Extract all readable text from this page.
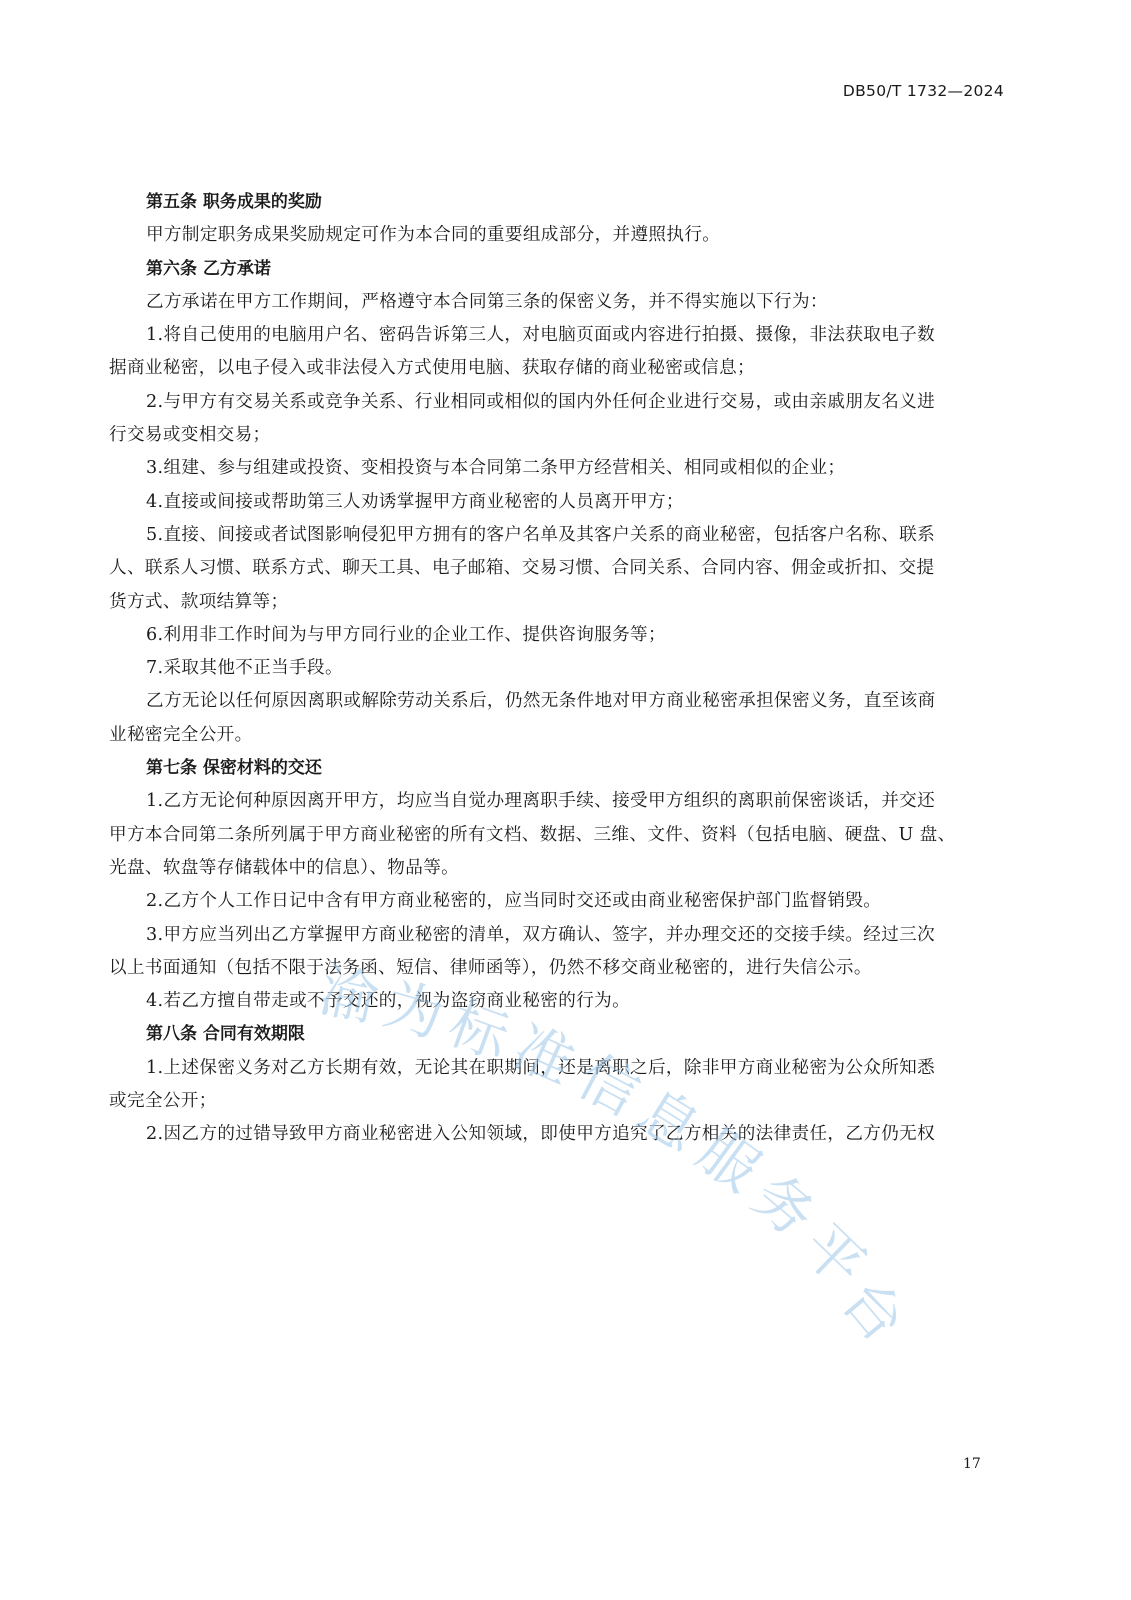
DB50/T 1732—2024
第五条 职务成果的奖励
甲方制定职务成果奖励规定可作为本合同的重要组成部分，并遵照执行。
第六条 乙方承诺
乙方承诺在甲方工作期间，严格遵守本合同第三条的保密义务，并不得实施以下行为：
1.将自己使用的电脑用户名、密码告诉第三人，对电脑页面或内容进行拍摄、摄像，非法获取电子数
据商业秘密，以电子侵入或非法侵入方式使用电脑、获取存储的商业秘密或信息；
2.与甲方有交易关系或竞争关系、行业相同或相似的国内外任何企业进行交易，或由亲戚朋友名义进
行交易或变相交易；
3.组建、参与组建或投资、变相投资与本合同第二条甲方经营相关、相同或相似的企业；
4.直接或间接或帮助第三人劝诱掌握甲方商业秘密的人员离开甲方；
5.直接、间接或者试图影响侵犯甲方拥有的客户名单及其客户关系的商业秘密，包括客户名称、联系
人、联系人习惯、联系方式、聊天工具、电子邮箱、交易习惯、合同关系、合同内容、佣金或折扣、交提
货方式、款项结算等；
6.利用非工作时间为与甲方同行业的企业工作、提供咨询服务等；
7.采取其他不正当手段。
乙方无论以任何原因离职或解除劳动关系后，仍然无条件地对甲方商业秘密承担保密义务，直至该商
业秘密完全公开。
第七条 保密材料的交还
1.乙方无论何种原因离开甲方，均应当自觉办理离职手续、接受甲方组织的离职前保密谈话，并交还
甲方本合同第二条所列属于甲方商业秘密的所有文档、数据、三维、文件、资料（包括电脑、硬盘、U 盘、
光盘、软盘等存储载体中的信息）、物品等。
2.乙方个人工作日记中含有甲方商业秘密的，应当同时交还或由商业秘密保护部门监督销毁。
3.甲方应当列出乙方掌握甲方商业秘密的清单，双方确认、签字，并办理交还的交接手续。经过三次
以上书面通知（包括不限于法务函、短信、律师函等），仍然不移交商业秘密的，进行失信公示。
4.若乙方擅自带走或不予交还的，视为盗窃商业秘密的行为。
第八条 合同有效期限
1.上述保密义务对乙方长期有效，无论其在职期间，还是离职之后，除非甲方商业秘密为公众所知悉
或完全公开；
2.因乙方的过错导致甲方商业秘密进入公知领域，即使甲方追究了乙方相关的法律责任，乙方仍无权
渝
为
标
准
信
息
服
务
平
台
17
